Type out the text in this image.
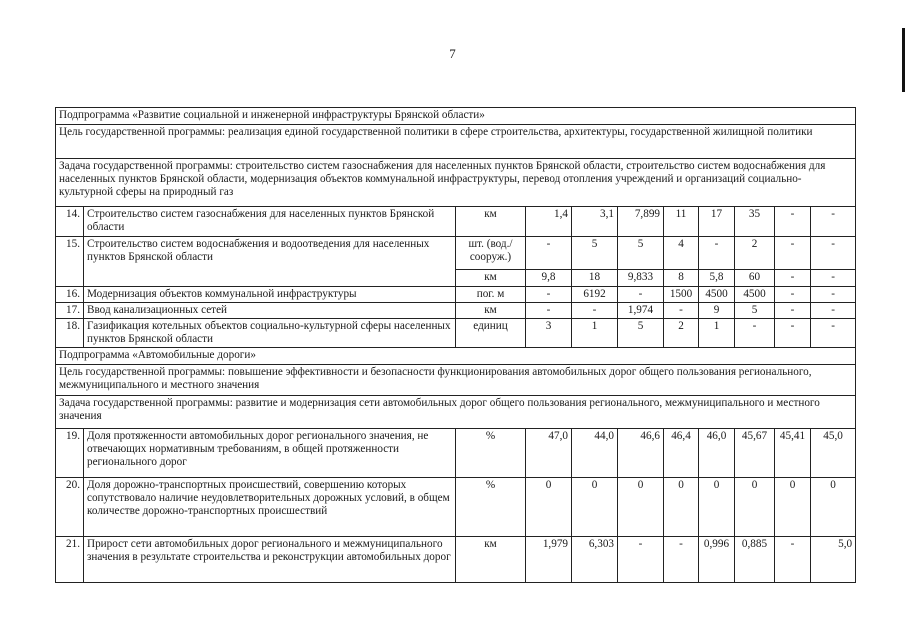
7
Подпрограмма «Развитие социальной и инженерной инфраструктуры Брянской области»										
Цель государственной программы: реализация единой государственной политики в сфере строительства, архитектуры, государственной жилищной политики										
Задача государственной программы: строительство систем газоснабжения для населенных пунктов Брянской области, строительство систем водоснабжения для населенных пунктов Брянской области, модернизация объектов коммунальной инфраструктуры, перевод отопления учреждений и организаций социально-культурной сферы на природный газ										
14.	Строительство систем газоснабжения для населенных пунктов Брянской области	км	1,4	3,1	7,899	11	17	35	-	-
15.	Строительство систем водоснабжения и водоотведения для населенных пунктов Брянской области	шт. (вод./ сооруж.)	-	5	5	4	-	2	-	-
		км	9,8	18	9,833	8	5,8	60	-	-
16.	Модернизация объектов коммунальной инфраструктуры	пог. м	-	6192	-	1500	4500	4500	-	-
17.	Ввод канализационных сетей	км	-	-	1,974	-	9	5	-	-
18.	Газификация котельных объектов социально-культурной сферы населенных пунктов Брянской области	единиц	3	1	5	2	1	-	-	-
Подпрограмма «Автомобильные дороги»										
Цель государственной программы: повышение эффективности и безопасности функционирования автомобильных дорог общего пользования регионального, межмуниципального и местного значения										
Задача государственной программы: развитие и модернизация сети автомобильных дорог общего пользования регионального, межмуниципального и местного значения										
19.	Доля протяженности автомобильных дорог регионального значения, не отвечающих нормативным требованиям, в общей протяженности регионального дорог	%	47,0	44,0	46,6	46,4	46,0	45,67	45,41	45,0
20.	Доля дорожно-транспортных происшествий, совершению которых сопутствовало наличие неудовлетворительных дорожных условий, в общем количестве дорожно-транспортных происшествий	%	0	0	0	0	0	0	0	0
21.	Прирост сети автомобильных дорог регионального и межмуниципального значения в результате строительства и реконструкции автомобильных дорог	км	1,979	6,303	-	-	0,996	0,885	-	5,0
